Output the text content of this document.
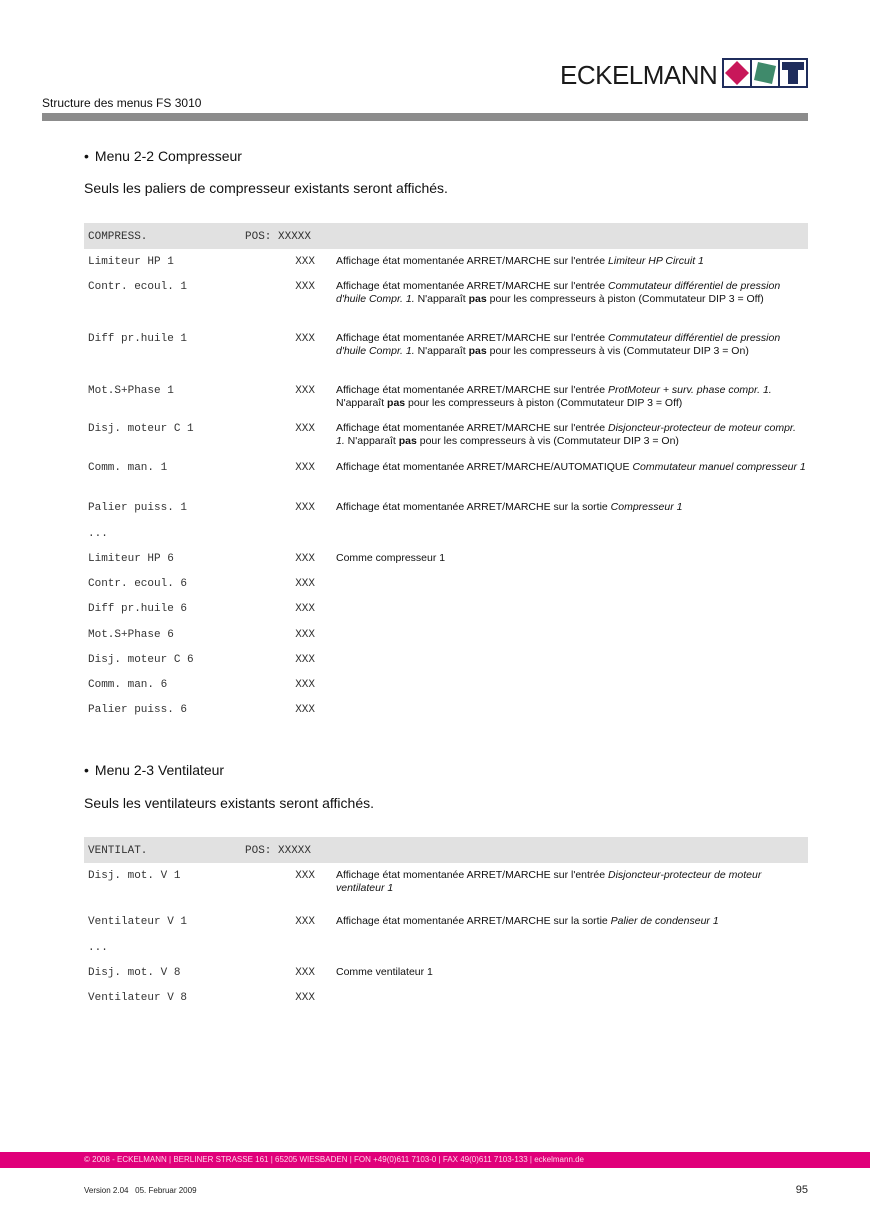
ECKELMANN
Structure des menus FS 3010
• Menu 2-2 Compresseur
Seuls les paliers de compresseur existants seront affichés.
COMPRESS.	POS: XXXXX
Limiteur HP 1	XXX Affichage état momentanée ARRET/MARCHE sur l'entrée Limiteur HP Circuit 1
Contr. ecoul. 1	XXX Affichage état momentanée ARRET/MARCHE sur l'entrée Commutateur différentiel de pression d'huile Compr. 1. N'apparaît pas pour les compresseurs à piston (Commutateur DIP 3 = Off)
Diff pr.huile 1	XXX Affichage état momentanée ARRET/MARCHE sur l'entrée Commutateur différentiel de pression d'huile Compr. 1. N'apparaît pas pour les compresseurs à vis (Commutateur DIP 3 = On)
Mot.S+Phase 1	XXX Affichage état momentanée ARRET/MARCHE sur l'entrée ProtMoteur + surv. phase compr. 1. N'apparaît pas pour les compresseurs à piston (Commutateur DIP 3 = Off)
Disj. moteur C 1	XXX Affichage état momentanée ARRET/MARCHE sur l'entrée Disjoncteur-protecteur de moteur compr. 1. N'apparaît pas pour les compresseurs à vis (Commutateur DIP 3 = On)
Comm. man. 1	XXX Affichage état momentanée ARRET/MARCHE/AUTOMATIQUE Commutateur manuel compresseur 1
Palier puiss. 1	XXX Affichage état momentanée ARRET/MARCHE sur la sortie Compresseur 1
...
Limiteur HP 6	XXX Comme compresseur 1
Contr. ecoul. 6	XXX
Diff pr.huile 6	XXX
Mot.S+Phase 6	XXX
Disj. moteur C 6	XXX
Comm. man. 6	XXX
Palier puiss. 6	XXX
• Menu 2-3 Ventilateur
Seuls les ventilateurs existants seront affichés.
VENTILAT.	POS: XXXXX
Disj. mot. V 1	XXX Affichage état momentanée ARRET/MARCHE sur l'entrée Disjoncteur-protecteur de moteur ventilateur 1
Ventilateur V 1	XXX Affichage état momentanée ARRET/MARCHE sur la sortie Palier de condenseur 1
...
Disj. mot. V 8	XXX Comme ventilateur 1
Ventilateur V 8	XXX
© 2008 - ECKELMANN | BERLINER STRASSE 161 | 65205 WIESBADEN | FON +49(0)611 7103-0 | FAX 49(0)611 7103-133 | eckelmann.de
Version 2.04   05. Februar 2009	95
